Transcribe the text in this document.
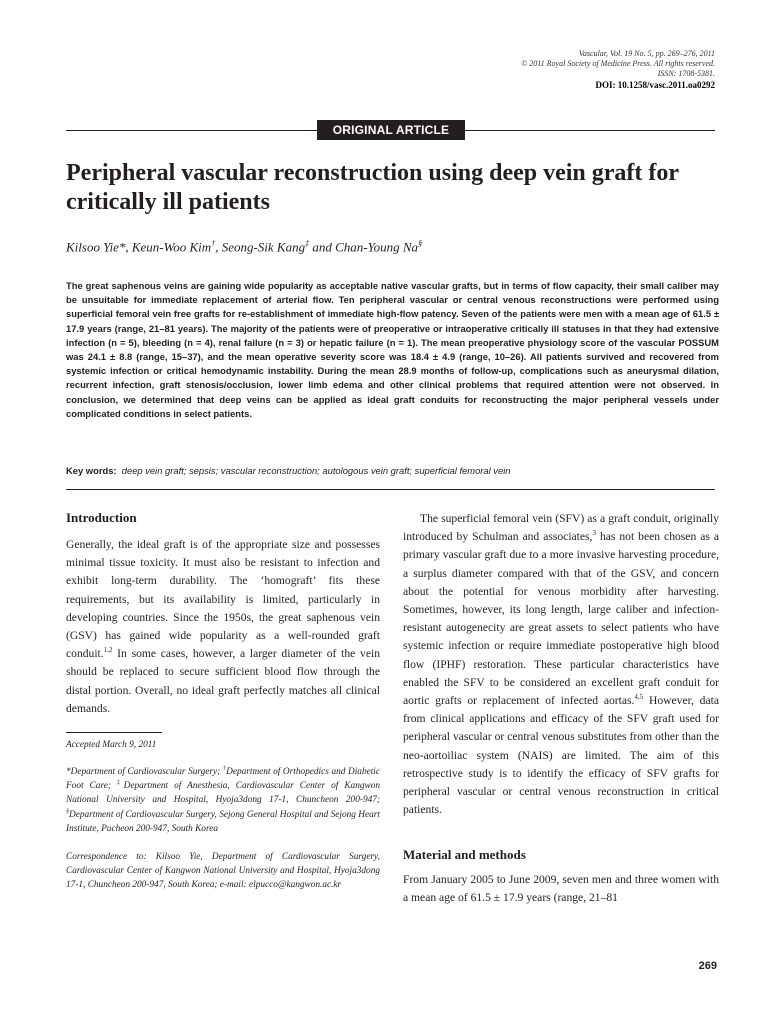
Vascular, Vol. 19 No. 5, pp. 269–276, 2011
© 2011 Royal Society of Medicine Press. All rights reserved.
ISSN: 1708-5381.
DOI: 10.1258/vasc.2011.oa0292
ORIGINAL ARTICLE
Peripheral vascular reconstruction using deep vein graft for critically ill patients
Kilsoo Yie*, Keun-Woo Kim†, Seong-Sik Kang‡ and Chan-Young Na§

The great saphenous veins are gaining wide popularity as acceptable native vascular grafts, but in terms of flow capacity, their small caliber may be unsuitable for immediate replacement of arterial flow. Ten peripheral vascular or central venous reconstructions were performed using superficial femoral vein free grafts for re-establishment of immediate high-flow patency. Seven of the patients were men with a mean age of 61.5 ± 17.9 years (range, 21–81 years). The majority of the patients were of preoperative or intraoperative critically ill statuses in that they had extensive infection (n = 5), bleeding (n = 4), renal failure (n = 3) or hepatic failure (n = 1). The mean preoperative physiology score of the vascular POSSUM was 24.1 ± 8.8 (range, 15–37), and the mean operative severity score was 18.4 ± 4.9 (range, 10–26). All patients survived and recovered from systemic infection or critical hemodynamic instability. During the mean 28.9 months of follow-up, complications such as aneurysmal dilation, recurrent infection, graft stenosis/occlusion, lower limb edema and other clinical problems that required attention were not observed. In conclusion, we determined that deep veins can be applied as ideal graft conduits for reconstructing the major peripheral vessels under complicated conditions in select patients.

Key words: deep vein graft; sepsis; vascular reconstruction; autologous vein graft; superficial femoral vein
Introduction

Generally, the ideal graft is of the appropriate size and possesses minimal tissue toxicity. It must also be resistant to infection and exhibit long-term durability. The ‘homograft’ fits these requirements, but its availability is limited, particularly in developing countries. Since the 1950s, the great saphenous vein (GSV) has gained wide popularity as a well-rounded graft conduit.$^{1,2}$ In some cases, however, a larger diameter of the vein should be replaced to secure sufficient blood flow through the distal portion. Overall, no ideal graft perfectly matches all clinical demands.

The superficial femoral vein (SFV) as a graft conduit, originally introduced by Schulman and associates,$^3$ has not been chosen as a primary vascular graft due to a more invasive harvesting procedure, a surplus diameter compared with that of the GSV, and concern about the potential for venous morbidity after harvesting. Sometimes, however, its long length, large caliber and infection-resistant autogenecity are great assets to select patients who have systemic infection or require immediate postoperative high blood flow (IPHF) restoration. These particular characteristics have enabled the SFV to be considered an excellent graft conduit for aortic grafts or replacement of infected aortas.$^{4,5}$ However, data from clinical applications and efficacy of the SFV graft used for peripheral vascular or central venous substitutes from other than the neo-aortoiliac system (NAIS) are limited. The aim of this retrospective study is to identify the efficacy of SFV grafts for peripheral vascular or central venous reconstruction in critical patients.

Material and methods

From January 2005 to June 2009, seven men and three women with a mean age of 61.5 ± 17.9 years (range, 21–81

Accepted March 9, 2011
*Department of Cardiovascular Surgery; †Department of Orthopedics and Diabetic Foot Care; ‡Department of Anesthesia, Cardiovascular Center of Kangwon National University and Hospital, Hyoja3dong 17-1, Chuncheon 200-947; §Department of Cardiovascular Surgery, Sejong General Hospital and Sejong Heart Institute, Pucheon 200-947, South Korea
Correspondence to: Kilsoo Yie, Department of Cardiovascular Surgery, Cardiovascular Center of Kangwon National University and Hospital, Hyoja3dong 17-1, Chuncheon 200-947, South Korea; e-mail: elpucco@kangwon.ac.kr
269
